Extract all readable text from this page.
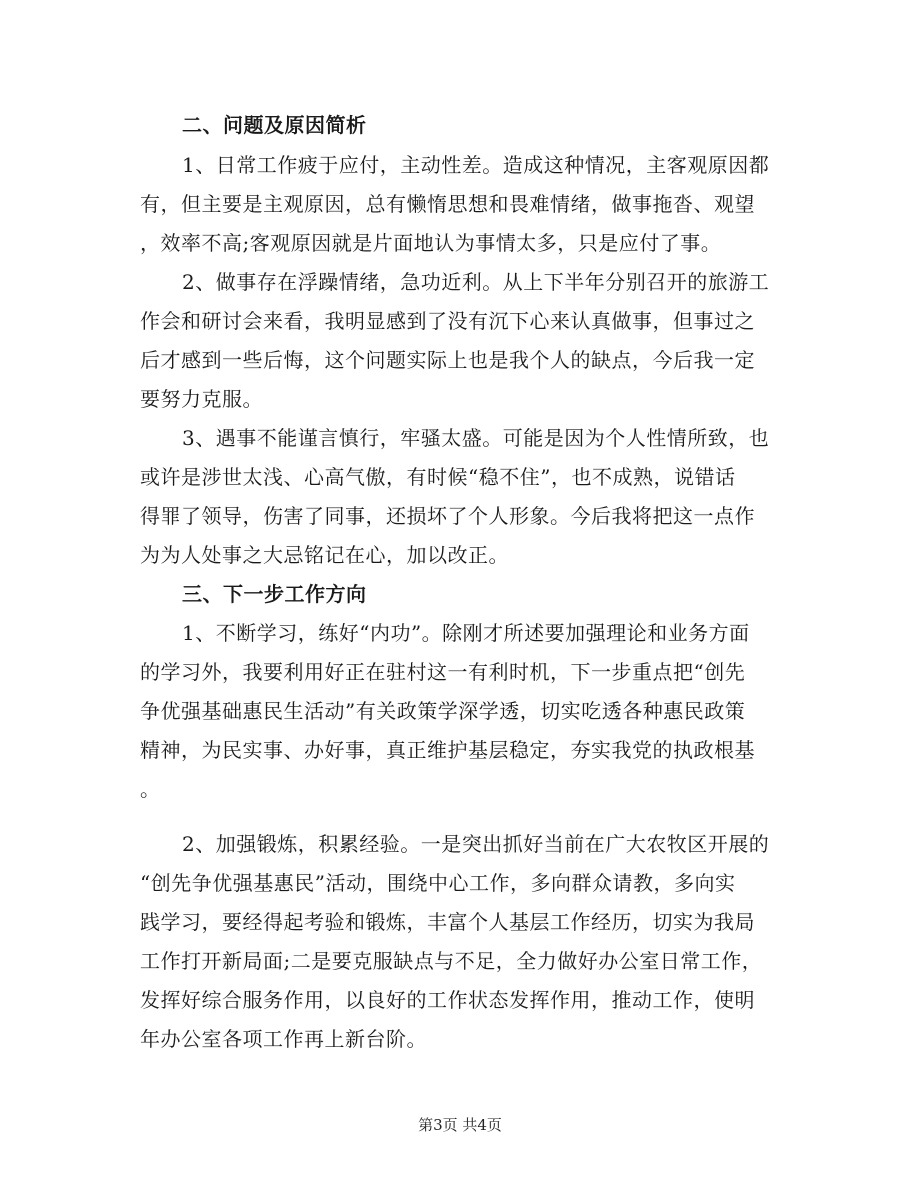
二、问题及原因简析
1、日常工作疲于应付，主动性差。造成这种情况，主客观原因都
有，但主要是主观原因，总有懒惰思想和畏难情绪，做事拖沓、观望
，效率不高;客观原因就是片面地认为事情太多，只是应付了事。
2、做事存在浮躁情绪，急功近利。从上下半年分别召开的旅游工
作会和研讨会来看，我明显感到了没有沉下心来认真做事，但事过之
后才感到一些后悔，这个问题实际上也是我个人的缺点，今后我一定
要努力克服。
3、遇事不能谨言慎行，牢骚太盛。可能是因为个人性情所致，也
或许是涉世太浅、心高气傲，有时候“稳不住”，也不成熟，说错话
得罪了领导，伤害了同事，还损坏了个人形象。今后我将把这一点作
为为人处事之大忌铭记在心，加以改正。
三、下一步工作方向
1、不断学习，练好“内功”。除刚才所述要加强理论和业务方面
的学习外，我要利用好正在驻村这一有利时机，下一步重点把“创先
争优强基础惠民生活动”有关政策学深学透，切实吃透各种惠民政策
精神，为民实事、办好事，真正维护基层稳定，夯实我党的执政根基
。
2、加强锻炼，积累经验。一是突出抓好当前在广大农牧区开展的
“创先争优强基惠民”活动，围绕中心工作，多向群众请教，多向实
践学习，要经得起考验和锻炼，丰富个人基层工作经历，切实为我局
工作打开新局面;二是要克服缺点与不足，全力做好办公室日常工作，
发挥好综合服务作用，以良好的工作状态发挥作用，推动工作，使明
年办公室各项工作再上新台阶。
第3页 共4页
